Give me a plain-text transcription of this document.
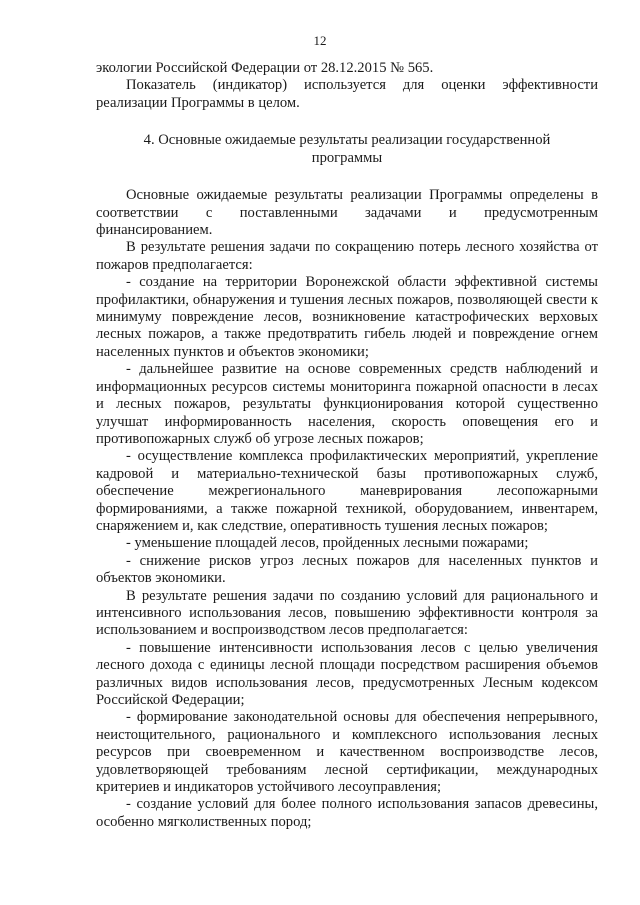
12

экологии Российской Федерации от 28.12.2015 № 565.

Показатель (индикатор) используется для оценки эффективности реализации Программы в целом.

4. Основные ожидаемые результаты реализации государственной программы

Основные ожидаемые результаты реализации Программы определены в соответствии с поставленными задачами и предусмотренным финансированием.

В результате решения задачи по сокращению потерь лесного хозяйства от пожаров предполагается:

- создание на территории Воронежской области эффективной системы профилактики, обнаружения и тушения лесных пожаров, позволяющей свести к минимуму повреждение лесов, возникновение катастрофических верховых лесных пожаров, а также предотвратить гибель людей и повреждение огнем населенных пунктов и объектов экономики;

- дальнейшее развитие на основе современных средств наблюдений и информационных ресурсов системы мониторинга пожарной опасности в лесах и лесных пожаров, результаты функционирования которой существенно улучшат информированность населения, скорость оповещения его и противопожарных служб об угрозе лесных пожаров;

- осуществление комплекса профилактических мероприятий, укрепление кадровой и материально-технической базы противопожарных служб, обеспечение межрегионального маневрирования лесопожарными формированиями, а также пожарной техникой, оборудованием, инвентарем, снаряжением и, как следствие, оперативность тушения лесных пожаров;

- уменьшение площадей лесов, пройденных лесными пожарами;

- снижение рисков угроз лесных пожаров для населенных пунктов и объектов экономики.

В результате решения задачи по созданию условий для рационального и интенсивного использования лесов, повышению эффективности контроля за использованием и воспроизводством лесов предполагается:

- повышение интенсивности использования лесов с целью увеличения лесного дохода с единицы лесной площади посредством расширения объемов различных видов использования лесов, предусмотренных Лесным кодексом Российской Федерации;

- формирование законодательной основы для обеспечения непрерывного, неистощительного, рационального и комплексного использования лесных ресурсов при своевременном и качественном воспроизводстве лесов, удовлетворяющей требованиям лесной сертификации, международных критериев и индикаторов устойчивого лесоуправления;

- создание условий для более полного использования запасов древесины, особенно мягколиственных пород;
